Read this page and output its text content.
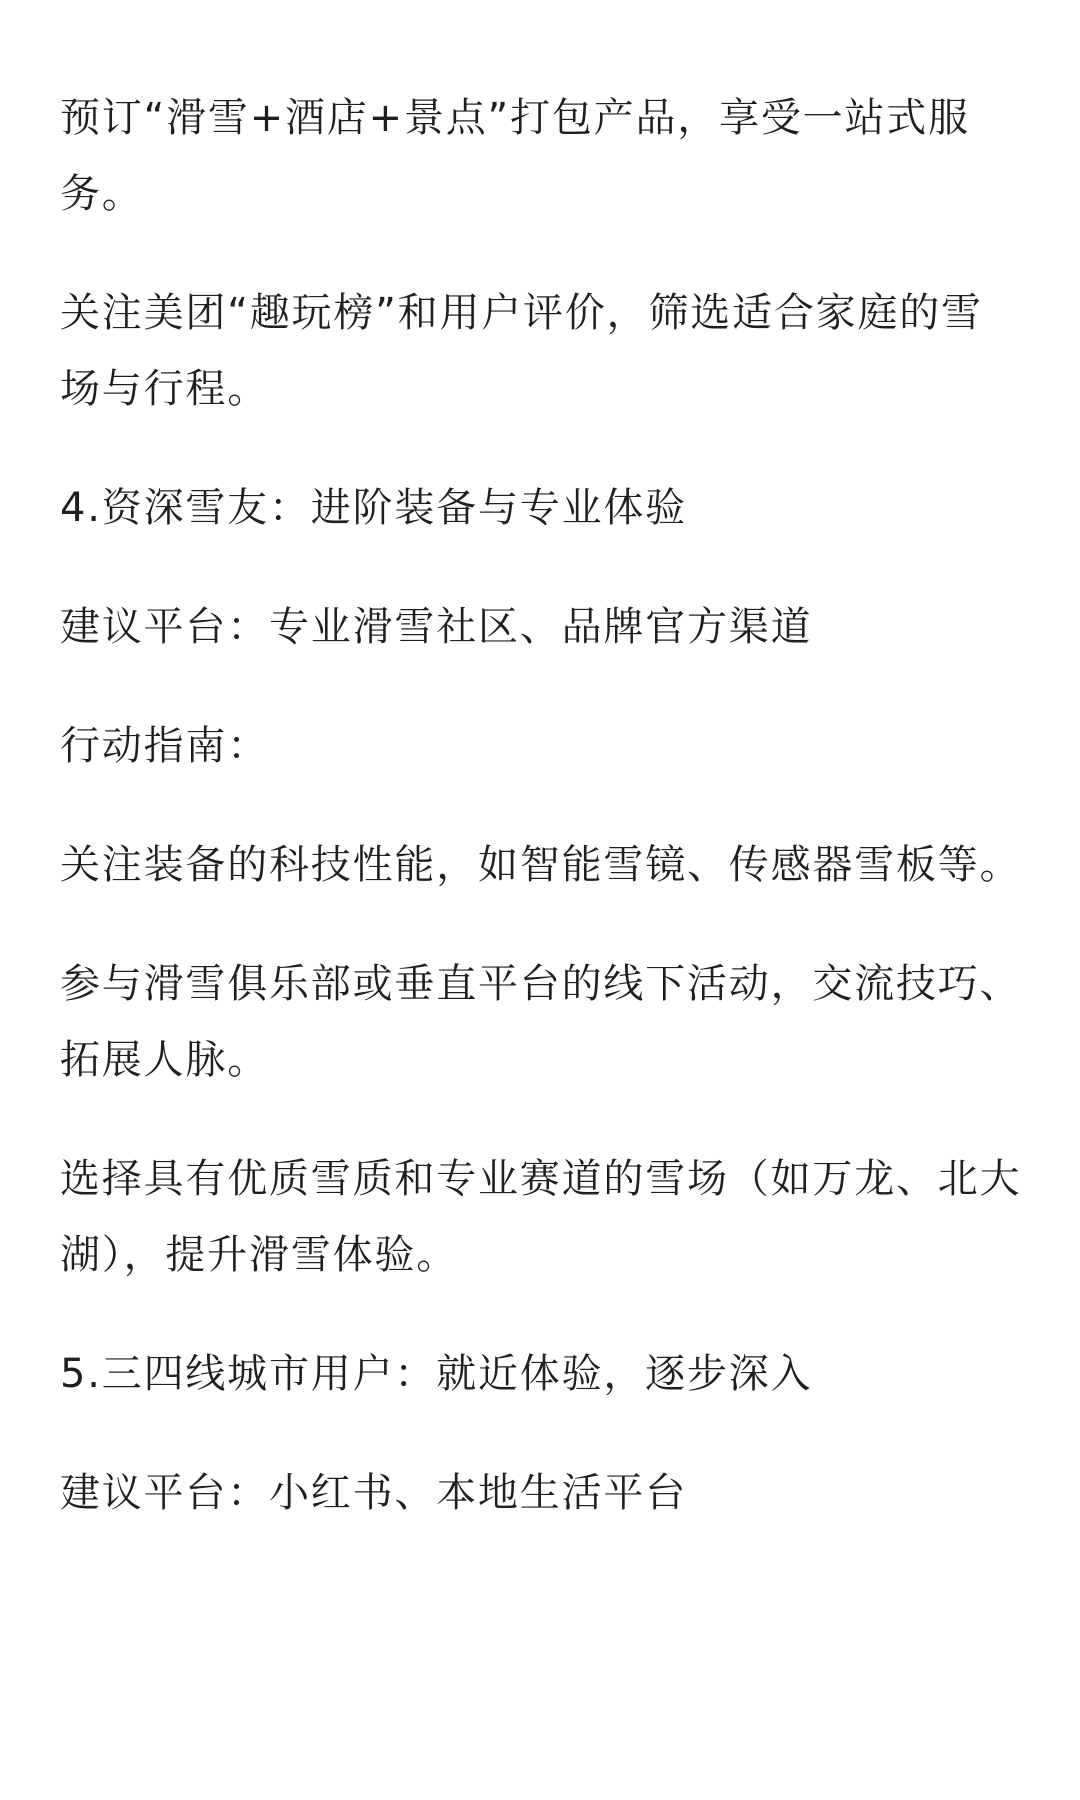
预订“滑雪+酒店+景点”打包产品，享受一站式服务。

关注美团“趣玩榜”和用户评价，筛选适合家庭的雪场与行程。

4.资深雪友：进阶装备与专业体验

建议平台：专业滑雪社区、品牌官方渠道

行动指南：

关注装备的科技性能，如智能雪镜、传感器雪板等。

参与滑雪俱乐部或垂直平台的线下活动，交流技巧、拓展人脉。

选择具有优质雪质和专业赛道的雪场（如万龙、北大湖），提升滑雪体验。

5.三四线城市用户：就近体验，逐步深入

建议平台：小红书、本地生活平台
